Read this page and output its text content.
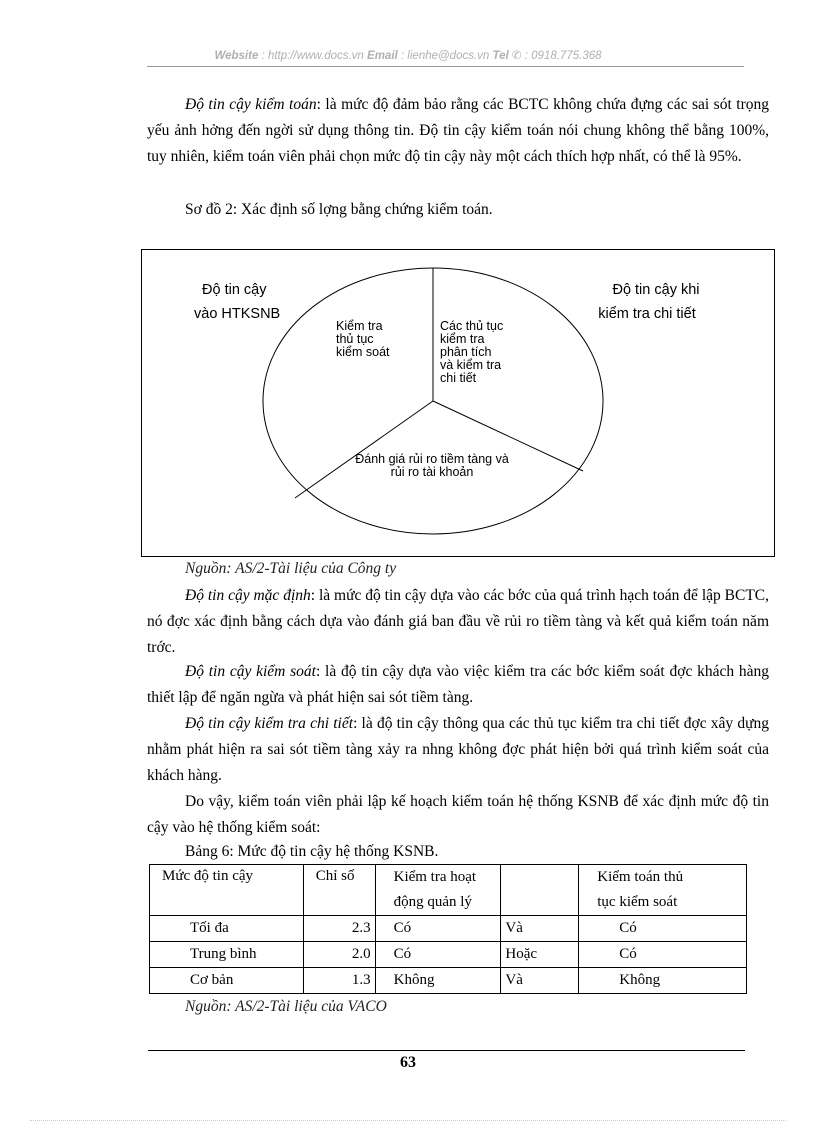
Website : http://www.docs.vn Email : lienhe@docs.vn Tel ✆ : 0918.775.368
Độ tin cậy kiểm toán: là mức độ đảm bảo rằng các BCTC không chứa đựng các sai sót trọng yếu ảnh hởng đến ngời sử dụng thông tin. Độ tin cậy kiểm toán nói chung không thể bằng 100%, tuy nhiên, kiểm toán viên phải chọn mức độ tin cậy này một cách thích hợp nhất, có thể là 95%.
Sơ đồ 2: Xác định số lợng bằng chứng kiểm toán.
Độ tin cậy
vào HTKSNB
Độ tin cậy khi
kiểm tra chi tiết
Kiểm tra
thủ tục
kiểm soát
Các thủ tục
kiểm tra
phân tích
và kiểm tra
chi tiết
Đánh giá rủi ro tiềm tàng và
rủi ro tài khoản
Nguồn: AS/2-Tài liệu của Công ty
Độ tin cậy mặc định: là mức độ tin cậy dựa vào các bớc của quá trình hạch toán để lập BCTC, nó đợc xác định bằng cách dựa vào đánh giá ban đầu về rủi ro tiềm tàng và kết quả kiểm toán năm trớc.
Độ tin cậy kiểm soát: là độ tin cậy dựa vào việc kiểm tra các bớc kiểm soát đợc khách hàng thiết lập để ngăn ngừa và phát hiện sai sót tiềm tàng.
Độ tin cậy kiểm tra chi tiết: là độ tin cậy thông qua các thủ tục kiểm tra chi tiết đợc xây dựng nhằm phát hiện ra sai sót tiềm tàng xảy ra nhng không đợc phát hiện bởi quá trình kiểm soát của khách hàng.
Do vậy, kiểm toán viên phải lập kế hoạch kiểm toán hệ thống KSNB để xác định mức độ tin cậy vào hệ thống kiểm soát:
Bảng 6: Mức độ tin cậy hệ thống KSNB.
Mức độ tin cậy	Chỉ số	Kiểm tra hoạt		Kiểm toán thủ
		động quản lý		tục kiểm soát
Tối đa	2.3	Có	Và	Có
Trung bình	2.0	Có	Hoặc	Có
Cơ bản	1.3	Không	Và	Không
Nguồn: AS/2-Tài liệu của VACO
63
